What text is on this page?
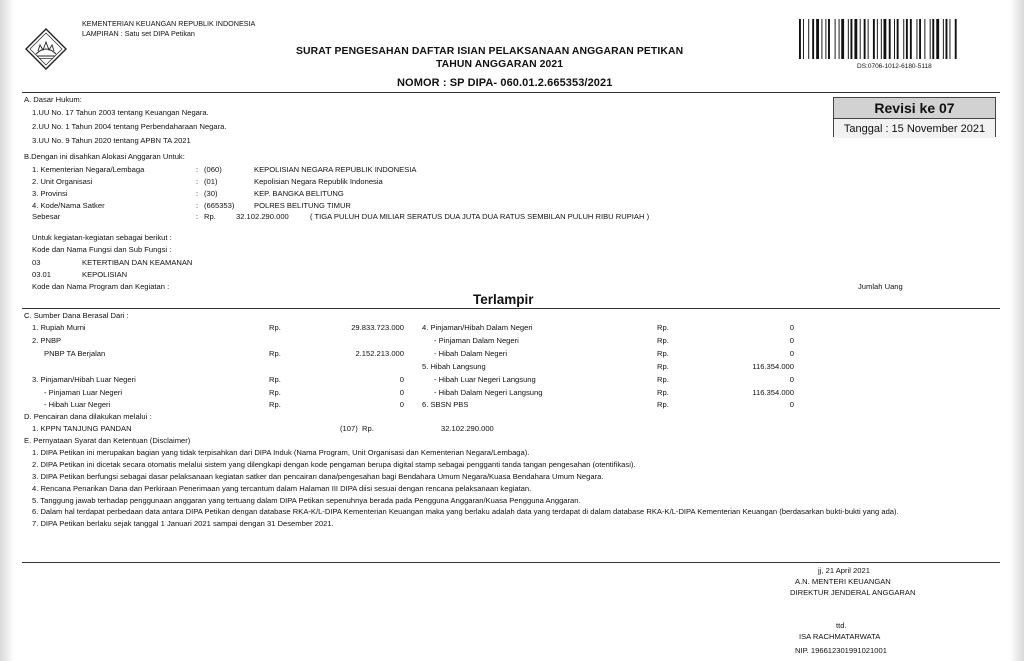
KEMENTERIAN KEUANGAN REPUBLIK INDONESIA
LAMPIRAN : Satu set DIPA Petikan
SURAT PENGESAHAN DAFTAR ISIAN PELAKSANAAN ANGGARAN PETIKAN
TAHUN ANGGARAN 2021
NOMOR : SP DIPA- 060.01.2.665353/2021
DS:0706-1012-6180-5118
Revisi ke 07
Tanggal : 15 November 2021
A. Dasar Hukum:
1.UU No. 17 Tahun 2003 tentang Keuangan Negara.
2.UU No. 1 Tahun 2004 tentang Perbendaharaan Negara.
3.UU No. 9 Tahun 2020 tentang APBN TA 2021
B.Dengan ini disahkan Alokasi Anggaran Untuk:
1. Kementerian Negara/Lembaga	: (060)	KEPOLISIAN NEGARA REPUBLIK INDONESIA
2. Unit Organisasi	: (01)	Kepolisian Negara Republik Indonesia
3. Provinsi	: (30)	KEP. BANGKA BELITUNG
4. Kode/Nama Satker	: (665353)	POLRES BELITUNG TIMUR
Sebesar	: Rp.	32.102.290.000	( TIGA PULUH DUA MILIAR SERATUS DUA JUTA DUA RATUS SEMBILAN PULUH RIBU RUPIAH )
Untuk kegiatan-kegiatan sebagai berikut :
Kode dan Nama Fungsi dan Sub Fungsi :
03	KETERTIBAN DAN KEAMANAN
03.01	KEPOLISIAN
Kode dan Nama Program dan Kegiatan :	Jumlah Uang
Terlampir
C. Sumber Dana Berasal Dari :
1. Rupiah Murni	Rp.	29.833.723.000
2. PNBP
PNBP TA Berjalan	Rp.	2.152.213.000
3. Pinjaman/Hibah Luar Negeri	Rp.	0
- Pinjaman Luar Negeri	Rp.	0
- Hibah Luar Negeri	Rp.	0
4. Pinjaman/Hibah Dalam Negeri	Rp.	0
- Pinjaman Dalam Negeri	Rp.	0
- Hibah Dalam Negeri	Rp.	0
5. Hibah Langsung	Rp.	116.354.000
- Hibah Luar Negeri Langsung	Rp.	0
- Hibah Dalam Negeri Langsung	Rp.	116.354.000
6. SBSN PBS	Rp.	0
D. Pencairan dana dilakukan melalui :
1. KPPN TANJUNG PANDAN	(107) Rp.	32.102.290.000
E. Pernyataan Syarat dan Ketentuan (Disclaimer)
1. DIPA Petikan ini merupakan bagian yang tidak terpisahkan dari DIPA Induk (Nama Program, Unit Organisasi dan Kementerian Negara/Lembaga).
2. DIPA Petikan ini dicetak secara otomatis melalui sistem yang dilengkapi dengan kode pengaman berupa digital stamp sebagai pengganti tanda tangan pengesahan (otentifikasi).
3. DIPA Petikan berfungsi sebagai dasar pelaksanaan kegiatan satker dan pencairan dana/pengesahan bagi Bendahara Umum Negara/Kuasa Bendahara Umum Negara.
4. Rencana Penarikan Dana dan Perkiraan Penerimaan yang tercantum dalam Halaman III DIPA diisi sesuai dengan rencana pelaksanaan kegiatan.
5. Tanggung jawab terhadap penggunaan anggaran yang tertuang dalam DIPA Petikan sepenuhnya berada pada Pengguna Anggaran/Kuasa Pengguna Anggaran.
6. Dalam hal terdapat perbedaan data antara DIPA Petikan dengan database RKA-K/L-DIPA Kementerian Keuangan maka yang berlaku adalah data yang terdapat di dalam database RKA-K/L-DIPA Kementerian Keuangan (berdasarkan bukti-bukti yang ada).
7. DIPA Petikan berlaku sejak tanggal 1 Januari 2021 sampai dengan 31 Desember 2021.
jj, 21 April 2021
A.N. MENTERI KEUANGAN
DIREKTUR JENDERAL ANGGARAN
ttd.
ISA RACHMATARWATA
NIP. 196612301991021001
